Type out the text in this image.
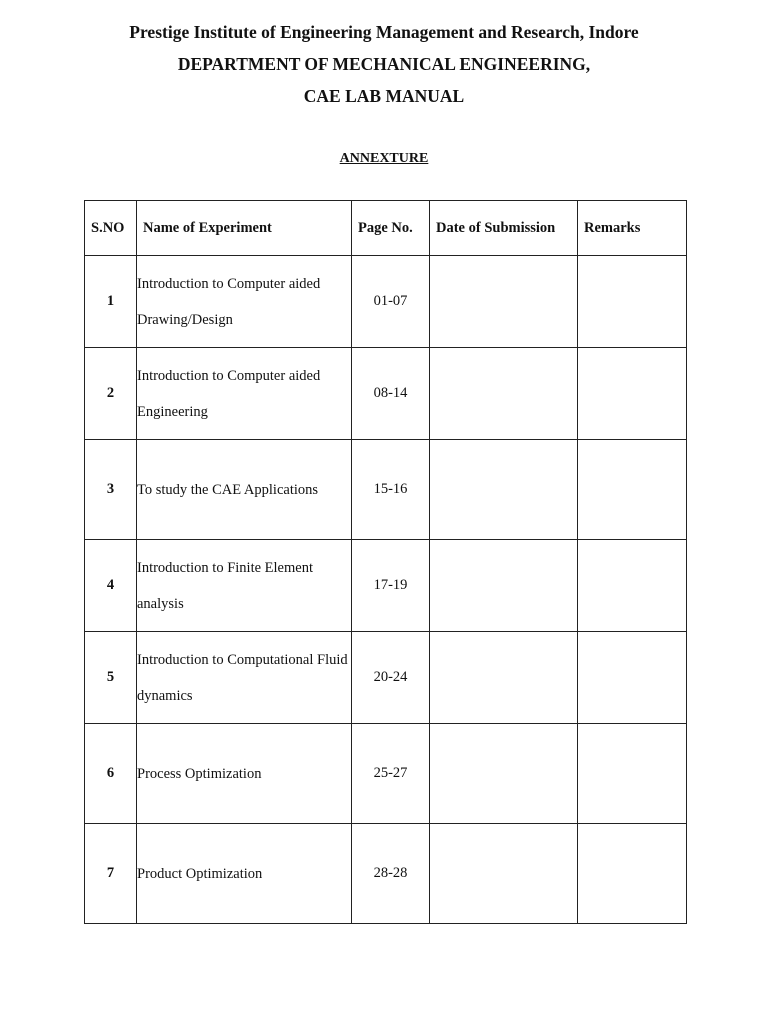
Prestige Institute of Engineering Management and Research, Indore
DEPARTMENT OF MECHANICAL ENGINEERING,
CAE LAB MANUAL
ANNEXTURE
S.NO	Name of Experiment	Page No.	Date of Submission	Remarks
1	Introduction to Computer aided Drawing/Design	01-07		
2	Introduction to Computer aided Engineering	08-14		
3	To study the CAE Applications	15-16		
4	Introduction to Finite Element analysis	17-19		
5	Introduction to Computational Fluid dynamics	20-24		
6	Process Optimization	25-27		
7	Product Optimization	28-28		
